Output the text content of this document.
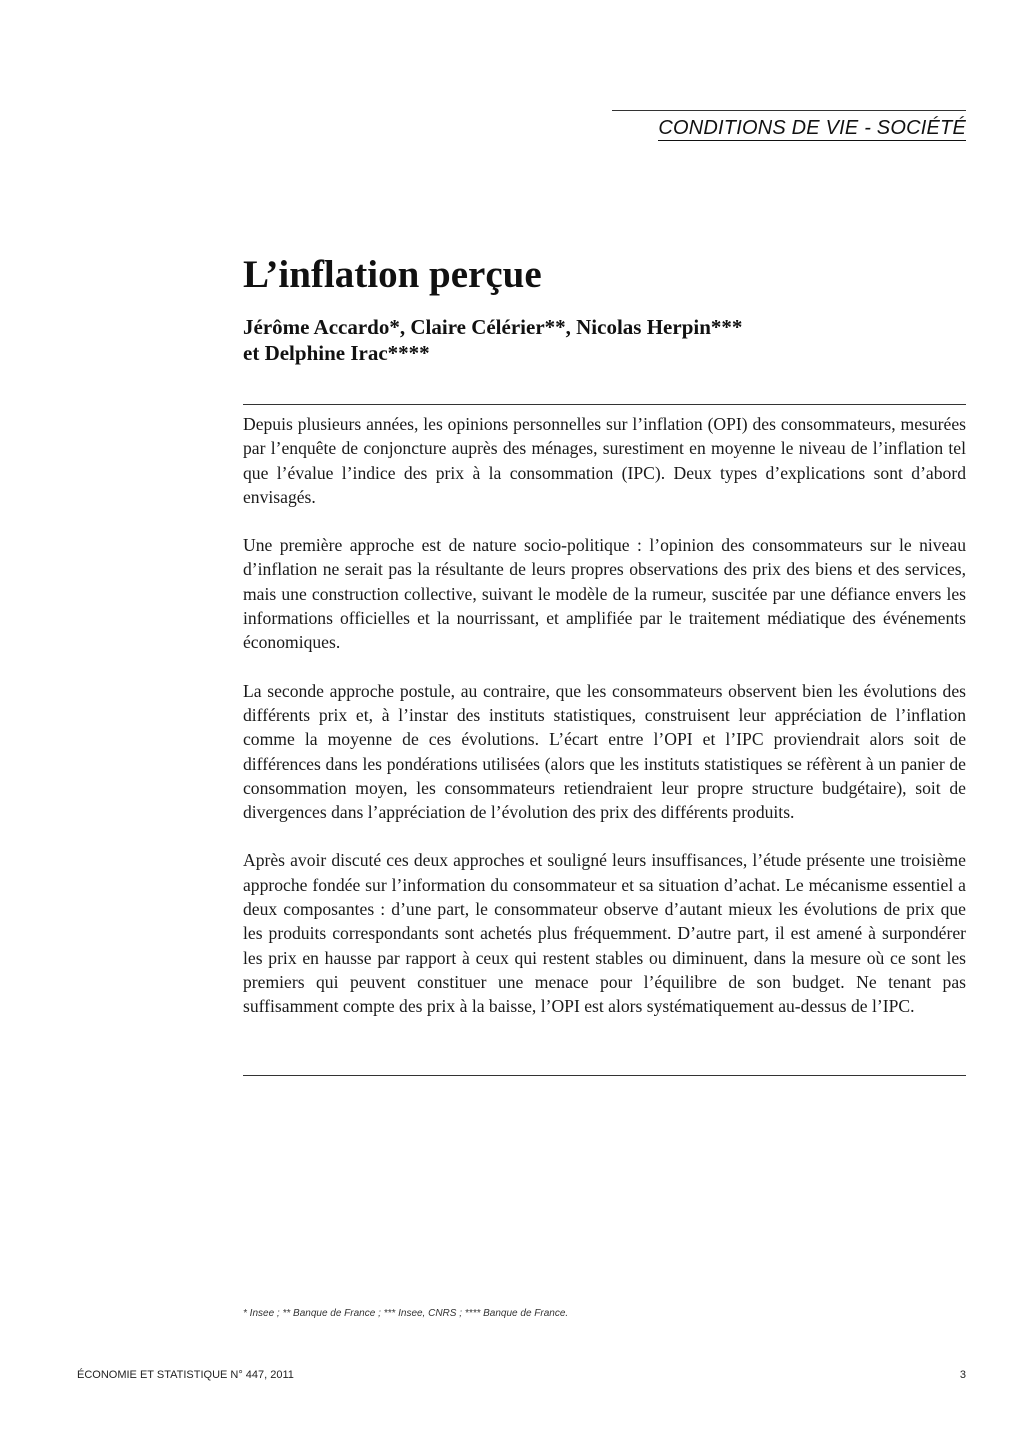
CONDITIONS DE VIE - SOCIÉTÉ
L’inflation perçue
Jérôme Accardo*, Claire Célérier**, Nicolas Herpin***
et Delphine Irac****

Depuis plusieurs années, les opinions personnelles sur l’inflation (OPI) des consommateurs, mesurées par l’enquête de conjoncture auprès des ménages, surestiment en moyenne le niveau de l’inflation tel que l’évalue l’indice des prix à la consommation (IPC). Deux types d’explications sont d’abord envisagés.

Une première approche est de nature socio-politique : l’opinion des consommateurs sur le niveau d’inflation ne serait pas la résultante de leurs propres observations des prix des biens et des services, mais une construction collective, suivant le modèle de la rumeur, suscitée par une défiance envers les informations officielles et la nourrissant, et amplifiée par le traitement médiatique des événements économiques.

La seconde approche postule, au contraire, que les consommateurs observent bien les évolutions des différents prix et, à l’instar des instituts statistiques, construisent leur appréciation de l’inflation comme la moyenne de ces évolutions. L’écart entre l’OPI et l’IPC proviendrait alors soit de différences dans les pondérations utilisées (alors que les instituts statistiques se réfèrent à un panier de consommation moyen, les consommateurs retiendraient leur propre structure budgétaire), soit de divergences dans l’appréciation de l’évolution des prix des différents produits.

Après avoir discuté ces deux approches et souligné leurs insuffisances, l’étude présente une troisième approche fondée sur l’information du consommateur et sa situation d’achat. Le mécanisme essentiel a deux composantes : d’une part, le consommateur observe d’autant mieux les évolutions de prix que les produits correspondants sont achetés plus fréquemment. D’autre part, il est amené à surpondérer les prix en hausse par rapport à ceux qui restent stables ou diminuent, dans la mesure où ce sont les premiers qui peuvent constituer une menace pour l’équilibre de son budget. Ne tenant pas suffisamment compte des prix à la baisse, l’OPI est alors systématiquement au-dessus de l’IPC.

* Insee ; ** Banque de France ; *** Insee, CNRS ; **** Banque de France.
ÉCONOMIE ET STATISTIQUE N° 447, 2011	3
